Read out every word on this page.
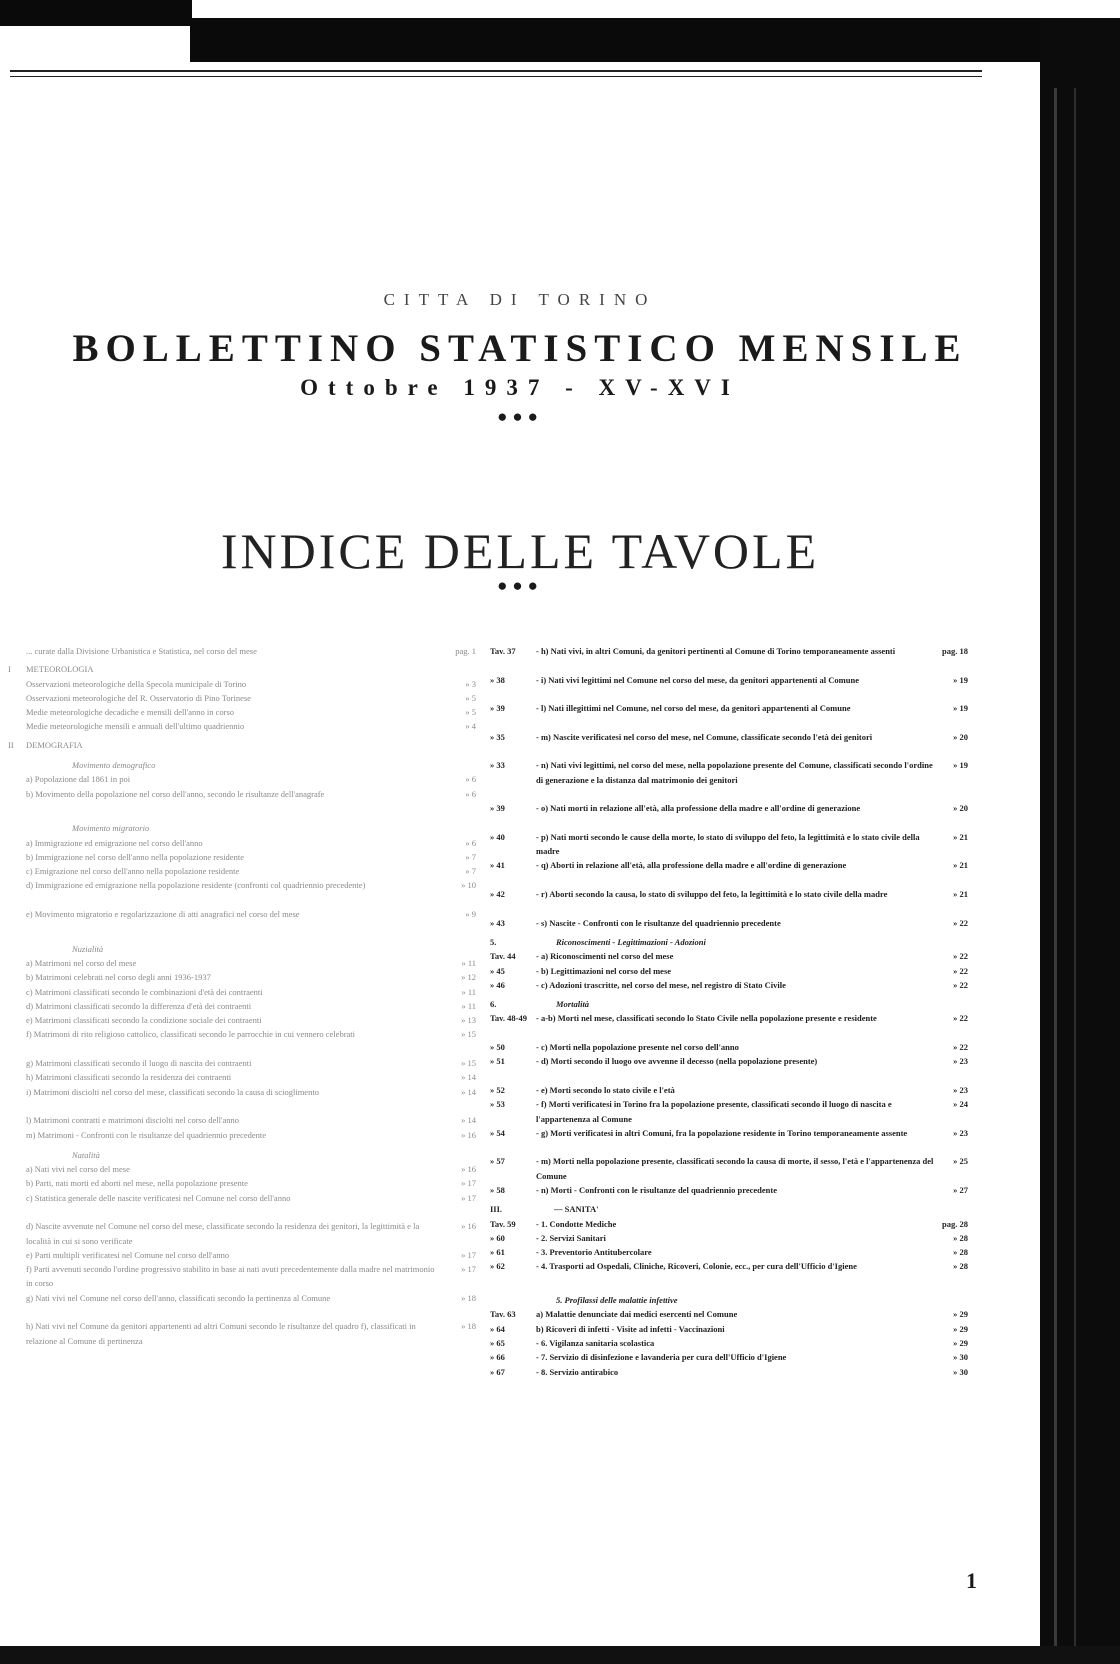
CITTA DI TORINO
BOLLETTINO STATISTICO MENSILE
Ottobre 1937 - XV-XVI
●●●
INDICE DELLE TAVOLE
●●●
... curate dalla Divisione Urbanistica e Statistica, nel corso del mese	pag. 1
I	METEOROLOGIA
Osservazioni meteorologiche della Specola municipale di Torino	» 3
Osservazioni meteorologiche del R. Osservatorio di Pino Torinese	» 5
Medie meteorologiche decadiche e mensili dell'anno in corso	» 5
Medie meteorologiche mensili e annuali dell'ultimo quadriennio	» 4
II	DEMOGRAFIA
Movimento demografico
a) Popolazione dal 1861 in poi	» 6
b) Movimento della popolazione nel corso dell'anno, secondo le risultanze dell'anagrafe	» 6
Movimento migratorio
a) Immigrazione ed emigrazione nel corso dell'anno	» 6
b) Immigrazione nel corso dell'anno nella popolazione residente	» 7
c) Emigrazione nel corso dell'anno nella popolazione residente	» 7
d) Immigrazione ed emigrazione nella popolazione residente (confronti col quadriennio precedente)	» 10
e) Movimento migratorio e regolarizzazione di atti anagrafici nel corso del mese	» 9
Nuzialità
a) Matrimoni nel corso del mese	» 11
b) Matrimoni celebrati nel corso degli anni 1936-1937	» 12
c) Matrimoni classificati secondo le combinazioni d'età dei contraenti	» 11
d) Matrimoni classificati secondo la differenza d'età dei contraenti	» 11
e) Matrimoni classificati secondo la condizione sociale dei contraenti	» 13
f) Matrimoni di rito religioso cattolico, classificati secondo le parrocchie in cui vennero celebrati	» 15
g) Matrimoni classificati secondo il luogo di nascita dei contraenti	» 15
h) Matrimoni classificati secondo la residenza dei contraenti	» 14
i) Matrimoni disciolti nel corso del mese, classificati secondo la causa di scioglimento	» 14
l) Matrimoni contratti e matrimoni disciolti nel corso dell'anno	» 14
m) Matrimoni - Confronti con le risultanze del quadriennio precedente	» 16
Natalità
a) Nati vivi nel corso del mese	» 16
b) Parti, nati morti ed aborti nel mese, nella popolazione presente	» 17
c) Statistica generale delle nascite verificatesi nel Comune nel corso dell'anno	» 17
d) Nascite avvenute nel Comune nel corso del mese, classificate secondo la residenza dei genitori, la legittimità e la località in cui si sono verificate
» 16
e) Parti multipli verificatesi nel Comune nel corso dell'anno	» 17
f) Parti avvenuti secondo l'ordine progressivo stabilito in base ai nati avuti precedentemente dalla madre nel matrimonio in corso
» 17
g) Nati vivi nel Comune nel corso dell'anno, classificati secondo la pertinenza al Comune	» 18
h) Nati vivi nel Comune da genitori appartenenti ad altri Comuni secondo le risultanze del quadro f), classificati in relazione al Comune di pertinenza
» 18
Tav. 37	- h) Nati vivi, in altri Comuni, da genitori pertinenti al Comune di Torino temporaneamente assenti	pag. 18
» 38	- i) Nati vivi legittimi nel Comune nel corso del mese, da genitori appartenenti al Comune	» 19
» 39	- l) Nati illegittimi nel Comune, nel corso del mese, da genitori appartenenti al Comune	» 19
» 35	- m) Nascite verificatesi nel corso del mese, nel Comune, classificate secondo l'età dei genitori	» 20
» 33	- n) Nati vivi legittimi, nel corso del mese, nella popolazione presente del Comune, classificati secondo l'ordine di generazione e la distanza dal matrimonio dei genitori
» 19
» 39	- o) Nati morti in relazione all'età, alla professione della madre e all'ordine di generazione	» 20
» 40	- p) Nati morti secondo le cause della morte, lo stato di sviluppo del feto, la legittimità e lo stato civile della madre
» 21
» 41	- q) Aborti in relazione all'età, alla professione della madre e all'ordine di generazione	» 21
» 42	- r) Aborti secondo la causa, lo stato di sviluppo del feto, la legittimità e lo stato civile della madre	» 21
» 43	- s) Nascite - Confronti con le risultanze del quadriennio precedente	» 22
5.	Riconoscimenti - Legittimazioni - Adozioni
Tav. 44	- a) Riconoscimenti nel corso del mese	» 22
» 45	- b) Legittimazioni nel corso del mese	» 22
» 46	- c) Adozioni trascritte, nel corso del mese, nel registro di Stato Civile	» 22
6.	Mortalità
Tav. 48-49	- a-b) Morti nel mese, classificati secondo lo Stato Civile nella popolazione presente e residente	» 22
» 50	- c) Morti nella popolazione presente nel corso dell'anno	» 22
» 51	- d) Morti secondo il luogo ove avvenne il decesso (nella popolazione presente)	» 23
» 52	- e) Morti secondo lo stato civile e l'età	» 23
» 53	- f) Morti verificatesi in Torino fra la popolazione presente, classificati secondo il luogo di nascita e l'appartenenza al Comune
» 24
» 54	- g) Morti verificatesi in altri Comuni, fra la popolazione residente in Torino temporaneamente assente	» 23
» 57	- m) Morti nella popolazione presente, classificati secondo la causa di morte, il sesso, l'età e l'appartenenza del Comune
» 25
» 58	- n) Morti - Confronti con le risultanze del quadriennio precedente	» 27
III.	— SANITA'
Tav. 59	- 1. Condotte Mediche	pag. 28
» 60	- 2. Servizi Sanitari	» 28
» 61	- 3. Preventorio Antitubercolare	» 28
» 62	- 4. Trasporti ad Ospedali, Cliniche, Ricoveri, Colonie, ecc., per cura dell'Ufficio d'Igiene	» 28
5. Profilassi delle malattie infettive
Tav. 63	a) Malattie denunciate dai medici esercenti nel Comune	» 29
» 64	b) Ricoveri di infetti - Visite ad infetti - Vaccinazioni	» 29
» 65	- 6. Vigilanza sanitaria scolastica	» 29
» 66	- 7. Servizio di disinfezione e lavanderia per cura dell'Ufficio d'Igiene	» 30
» 67	- 8. Servizio antirabico	» 30
1
